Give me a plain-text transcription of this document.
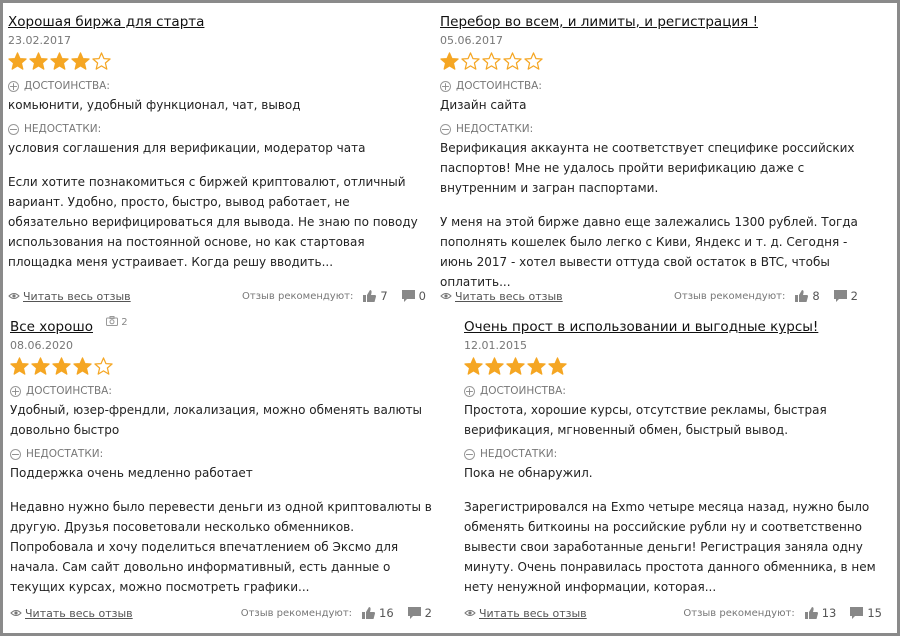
Хорошая биржа для старта
23.02.2017
+ ДОСТОИНСТВА:
комьюнити, удобный функционал, чат, вывод
− НЕДОСТАТКИ:
условия соглашения для верификации, модератор чата
Если хотите познакомиться с биржей криптовалют, отличный вариант. Удобно, просто, быстро, вывод работает, не обязательно верифицироваться для вывода. Не знаю по поводу использования на постоянной основе, но как стартовая площадка меня устраивает. Когда решу вводить...
Читать весь отзыв	Отзыв рекомендуют: 7	0
Перебор во всем, и лимиты, и регистрация !
05.06.2017
+ ДОСТОИНСТВА:
Дизайн сайта
− НЕДОСТАТКИ:
Верификация аккаунта не соответствует специфике российских паспортов! Мне не удалось пройти верификацию даже с внутренним и загран паспортами.
У меня на этой бирже давно еще залежались 1300 рублей. Тогда пополнять кошелек было легко с Киви, Яндекс и т. д. Сегодня - июнь 2017 - хотел вывести оттуда свой остаток в BTC, чтобы оплатить...
Читать весь отзыв	Отзыв рекомендуют: 8	2
Все хорошо	2
08.06.2020
+ ДОСТОИНСТВА:
Удобный, юзер-френдли, локализация, можно обменять валюты довольно быстро
− НЕДОСТАТКИ:
Поддержка очень медленно работает
Недавно нужно было перевести деньги из одной криптовалюты в другую. Друзья посоветовали несколько обменников. Попробовала и хочу поделиться впечатлением об Эксмо для начала. Сам сайт довольно информативный, есть данные о текущих курсах, можно посмотреть графики...
Читать весь отзыв	Отзыв рекомендуют: 16	2
Очень прост в использовании и выгодные курсы!
12.01.2015
+ ДОСТОИНСТВА:
Простота, хорошие курсы, отсутствие рекламы, быстрая верификация, мгновенный обмен, быстрый вывод.
− НЕДОСТАТКИ:
Пока не обнаружил.
Зарегистрировался на Exmo четыре месяца назад, нужно было обменять биткоины на российские рубли ну и соответственно вывести свои заработанные деньги! Регистрация заняла одну минуту. Очень понравилась простота данного обменника, в нем нету ненужной информации, которая...
Читать весь отзыв	Отзыв рекомендуют: 13	15
